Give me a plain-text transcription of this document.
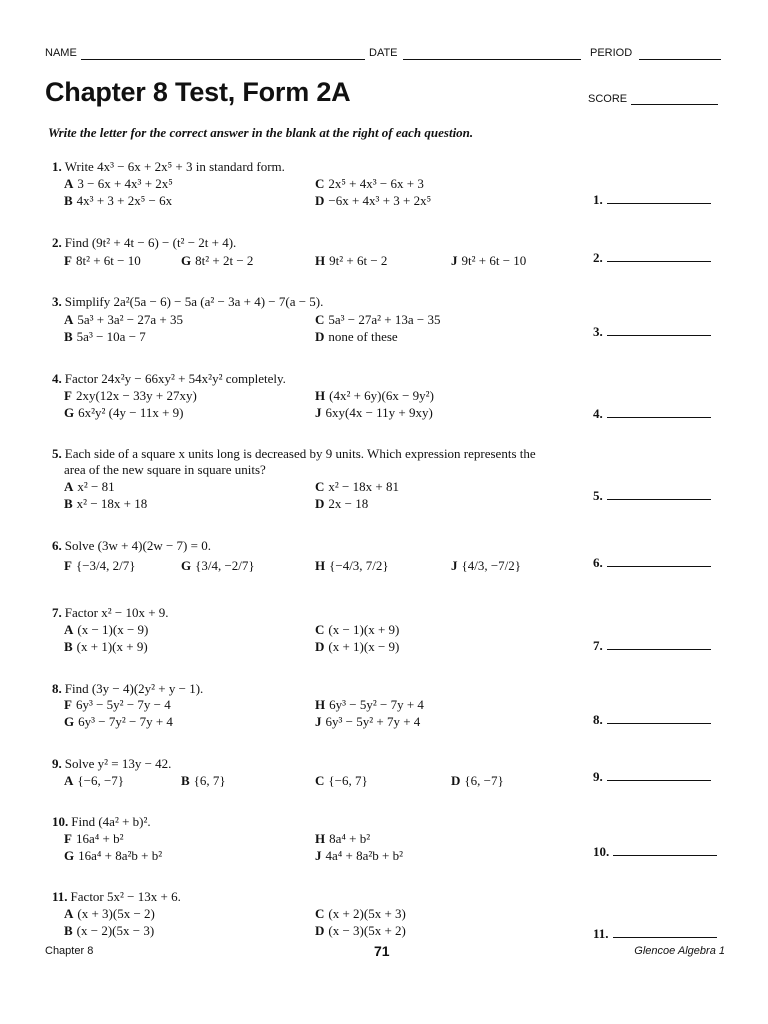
NAME	DATE	PERIOD
Chapter 8 Test, Form 2A	SCORE
Write the letter for the correct answer in the blank at the right of each question.
1. Write 4x³ − 6x + 2x⁵ + 3 in standard form.
A 3 − 6x + 4x³ + 2x⁵	C 2x⁵ + 4x³ − 6x + 3
B 4x³ + 3 + 2x⁵ − 6x	D −6x + 4x³ + 3 + 2x⁵	1.
2. Find (9t² + 4t − 6) − (t² − 2t + 4).
F 8t² + 6t − 10	G 8t² + 2t − 2	H 9t² + 6t − 2	J 9t² + 6t − 10	2.
3. Simplify 2a²(5a − 6) − 5a (a² − 3a + 4) − 7(a − 5).
A 5a³ + 3a² − 27a + 35	C 5a³ − 27a² + 13a − 35
B 5a³ − 10a − 7	D none of these	3.
4. Factor 24x²y − 66xy² + 54x²y² completely.
F 2xy(12x − 33y + 27xy)	H (4x² + 6y)(6x − 9y²)
G 6x²y² (4y − 11x + 9)	J 6xy(4x − 11y + 9xy)	4.
5. Each side of a square x units long is decreased by 9 units. Which expression represents the
area of the new square in square units?
A x² − 81	C x² − 18x + 81
B x² − 18x + 18	D 2x − 18
5.
6. Solve (3w + 4)(2w − 7) = 0.
F {−3/4, 2/7}	G {3/4, −2/7}	H {−4/3, 7/2}	J {4/3, −7/2}	6.
7. Factor x² − 10x + 9.
A (x − 1)(x − 9)	C (x − 1)(x + 9)
B (x + 1)(x + 9)	D (x + 1)(x − 9)	7.
8. Find (3y − 4)(2y² + y − 1).
F 6y³ − 5y² − 7y − 4	H 6y³ − 5y² − 7y + 4
G 6y³ − 7y² − 7y + 4	J 6y³ − 5y² + 7y + 4	8.
9. Solve y² = 13y − 42.
A {−6, −7}	B {6, 7}	C {−6, 7}	D {6, −7}	9.
10. Find (4a² + b)².
F 16a⁴ + b²	H 8a⁴ + b²
G 16a⁴ + 8a²b + b²	J 4a⁴ + 8a²b + b²	10.
11. Factor 5x² − 13x + 6.
A (x + 3)(5x − 2)	C (x + 2)(5x + 3)
B (x − 2)(5x − 3)	D (x − 3)(5x + 2)	11.
Chapter 8	71	Glencoe Algebra 1
